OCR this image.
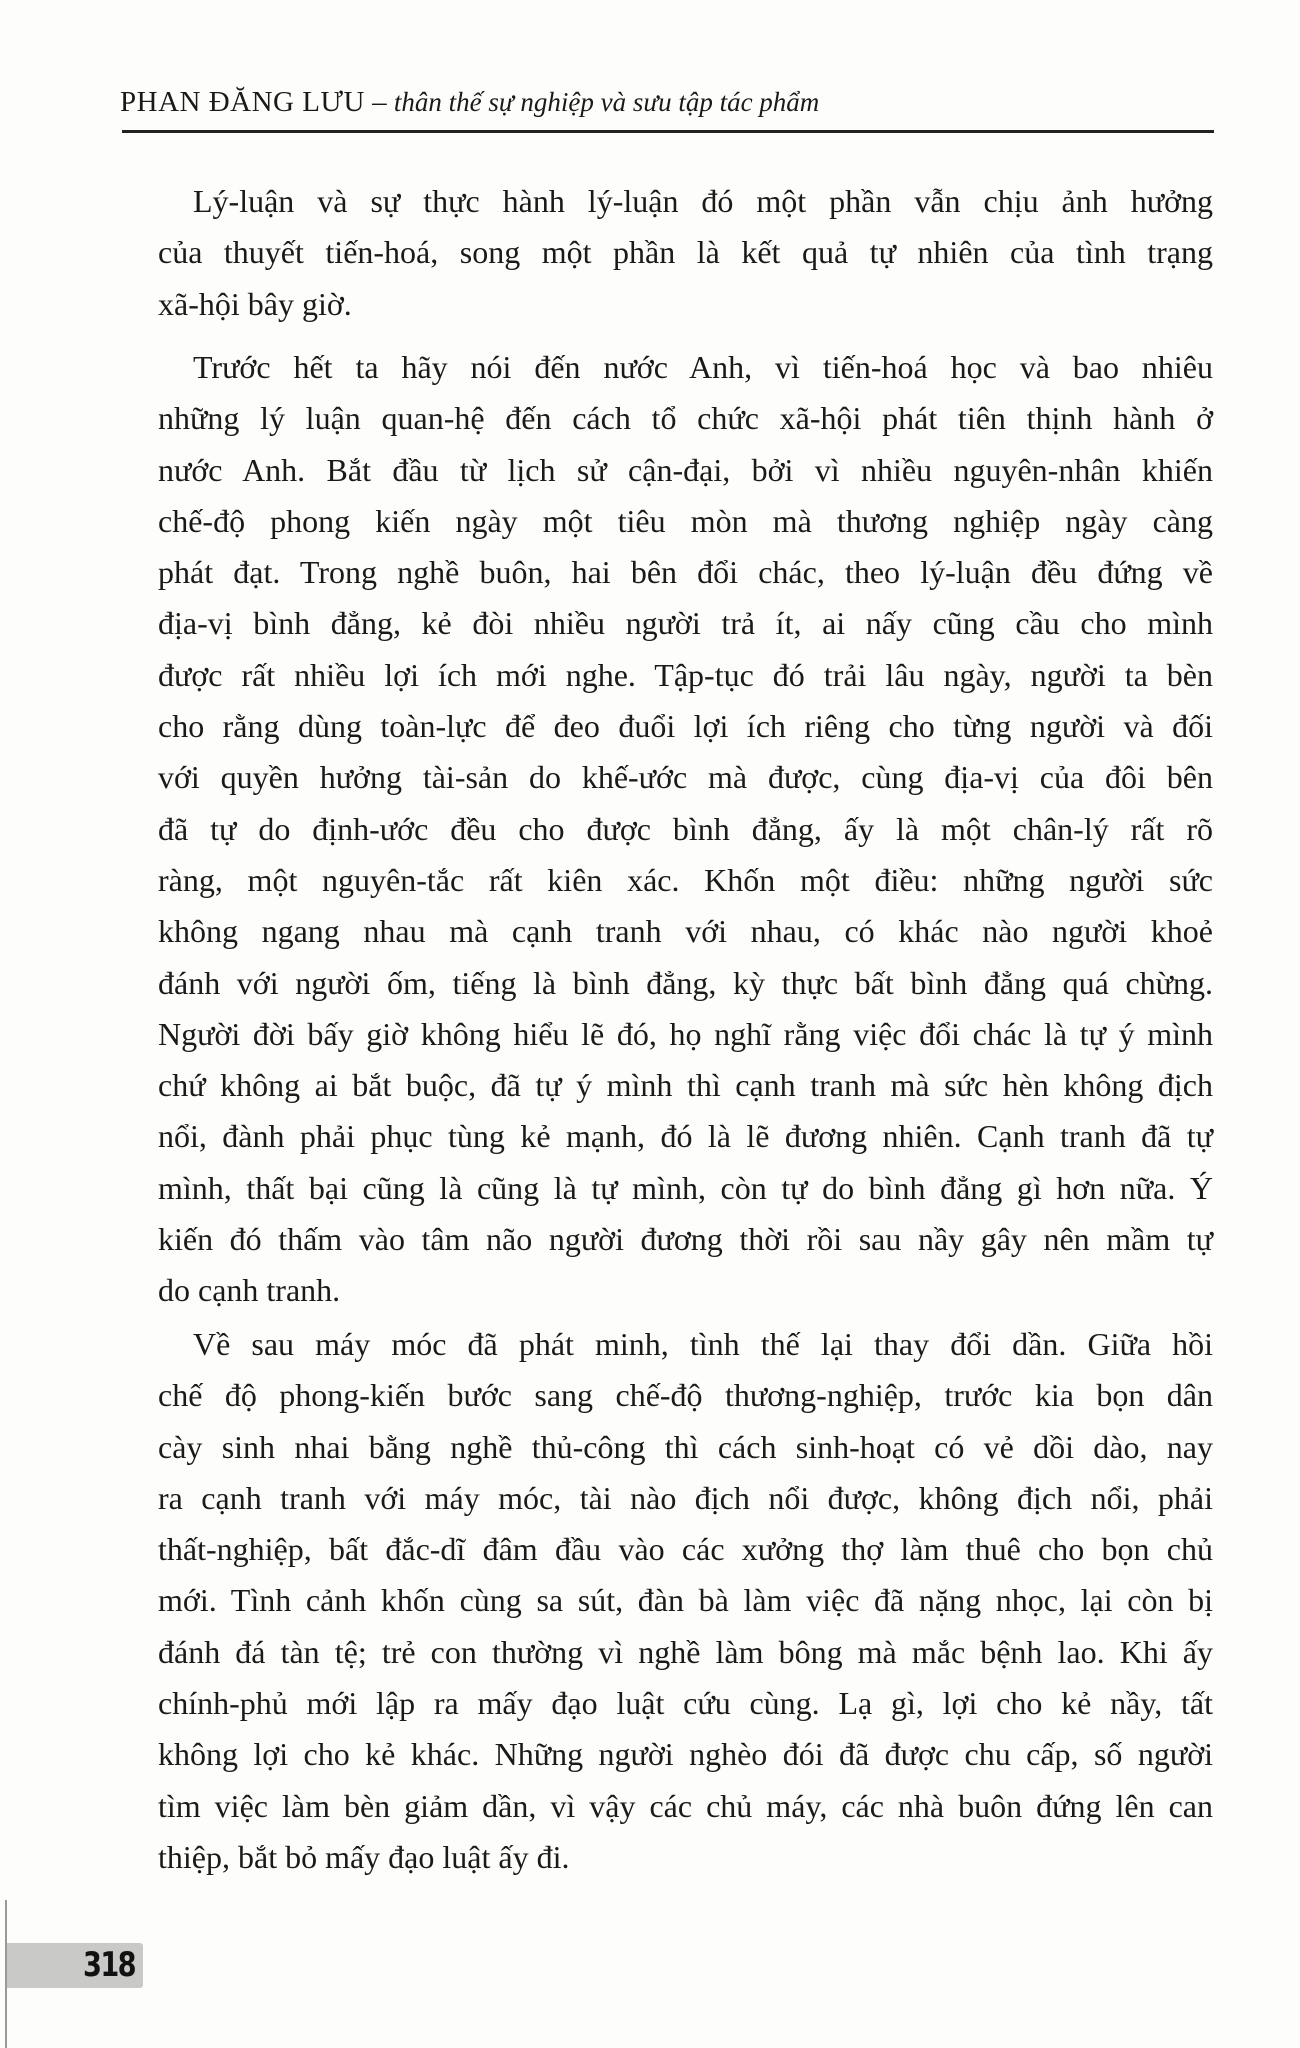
PHAN ĐĂNG LƯU – thân thế sự nghiệp và sưu tập tác phẩm
Lý-luận và sự thực hành lý-luận đó một phần vẫn chịu ảnh hưởng
của thuyết tiến-hoá, song một phần là kết quả tự nhiên của tình trạng
xã-hội bây giờ.
Trước hết ta hãy nói đến nước Anh, vì tiến-hoá học và bao nhiêu
những lý luận quan-hệ đến cách tổ chức xã-hội phát tiên thịnh hành ở
nước Anh. Bắt đầu từ lịch sử cận-đại, bởi vì nhiều nguyên-nhân khiến
chế-độ phong kiến ngày một tiêu mòn mà thương nghiệp ngày càng
phát đạt. Trong nghề buôn, hai bên đổi chác, theo lý-luận đều đứng về
địa-vị bình đẳng, kẻ đòi nhiều người trả ít, ai nấy cũng cầu cho mình
được rất nhiều lợi ích mới nghe. Tập-tục đó trải lâu ngày, người ta bèn
cho rằng dùng toàn-lực để đeo đuổi lợi ích riêng cho từng người và đối
với quyền hưởng tài-sản do khế-ước mà được, cùng địa-vị của đôi bên
đã tự do định-ước đều cho được bình đẳng, ấy là một chân-lý rất rõ
ràng, một nguyên-tắc rất kiên xác. Khốn một điều: những người sức
không ngang nhau mà cạnh tranh với nhau, có khác nào người khoẻ
đánh với người ốm, tiếng là bình đẳng, kỳ thực bất bình đẳng quá chừng.
Người đời bấy giờ không hiểu lẽ đó, họ nghĩ rằng việc đổi chác là tự ý mình
chứ không ai bắt buộc, đã tự ý mình thì cạnh tranh mà sức hèn không địch
nổi, đành phải phục tùng kẻ mạnh, đó là lẽ đương nhiên. Cạnh tranh đã tự
mình, thất bại cũng là cũng là tự mình, còn tự do bình đẳng gì hơn nữa. Ý
kiến đó thấm vào tâm não người đương thời rồi sau nầy gây nên mầm tự
do cạnh tranh.
Về sau máy móc đã phát minh, tình thế lại thay đổi dần. Giữa hồi
chế độ phong-kiến bước sang chế-độ thương-nghiệp, trước kia bọn dân
cày sinh nhai bằng nghề thủ-công thì cách sinh-hoạt có vẻ dồi dào, nay
ra cạnh tranh với máy móc, tài nào địch nổi được, không địch nổi, phải
thất-nghiệp, bất đắc-dĩ đâm đầu vào các xưởng thợ làm thuê cho bọn chủ
mới. Tình cảnh khốn cùng sa sút, đàn bà làm việc đã nặng nhọc, lại còn bị
đánh đá tàn tệ; trẻ con thường vì nghề làm bông mà mắc bệnh lao. Khi ấy
chính-phủ mới lập ra mấy đạo luật cứu cùng. Lạ gì, lợi cho kẻ nầy, tất
không lợi cho kẻ khác. Những người nghèo đói đã được chu cấp, số người
tìm việc làm bèn giảm dần, vì vậy các chủ máy, các nhà buôn đứng lên can
thiệp, bắt bỏ mấy đạo luật ấy đi.
318
